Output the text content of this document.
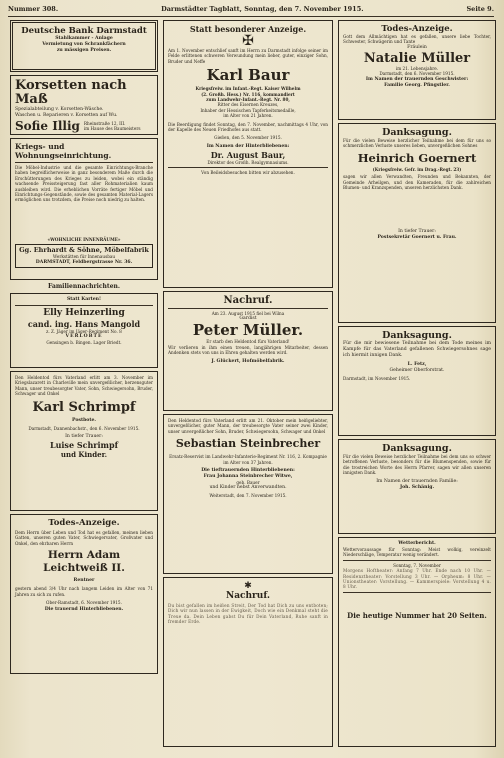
Nummer 308.	Darmstädter Tagblatt, Sonntag, den 7. November 1915.	Seite 9.
Deutsche Bank Darmstadt
Stahlkammer - Anlage
Vermietung von Schrankfächern
zu mässigen Preisen.
Korsetten nach Maß
Spezialabteilung v. Korsetten-Wäsche.
Waschen u. Reparieren v. Korsetten auf Wu.
Sofie Illig Rheinstraße 12, III.
im Hause des Baumeisters
Kriegs- und Wohnungseinrichtung.
Die Möbel-Industrie und die gesamte Einrichtungs-Branche haben begreiflicherweise in ganz besonderem Maße durch die Erschütterungen des Krieges zu leiden, wobei ein ständig wachsende Preissteigerung fast aller Rohmaterialien kaum ausbleiben wird. Die erheblichen Vorräte fertiger Möbel und Einrichtungs-Gegenstände, sowie des gesamten Material-Lagers ermöglichen uns trotzdem, die Preise noch niedrig zu halten.
«WOHNLICHE INNENRÄUME»
Gg. Ehrhardt & Söhne, Möbelfabrik
Werkstätten für Innenausbau
DARMSTADT, Feldbergstrasse Nr. 36.
Familiennachrichten.
Statt Karten!
Elly Heinzerling
cand. ing. Hans Mangold
z. Z. Jäger im Jäger-Regiment No. 8
VERLOBTE
Gensingen b. Bingen. Lager Briedt.
Den Heldentod fürs Vaterland erlitt am 3. November im Kriegslazarett in Charleville mein unvergeßlicher, herzensguter Mann, unser treubesorgter Vater, Sohn, Schwiegersohn, Bruder, Schwager und Onkel
Karl Schrimpf
Postbote.
Darmstadt, Dannenbachstr., den 6. November 1915.
In tiefer Trauer:
Luise Schrimpf
und Kinder.
Todes-Anzeige.
Dem Herrn über Leben und Tod hat es gefallen, meinen lieben Gatten, unseren guten Vater, Schwiegervater, Großvater und Onkel, den ehrbaren Herrn
Herrn Adam Leichtweiß II.
Rentner
gestern abend 3/4 Uhr nach langem Leiden im Alter von 71 Jahren zu sich zu rufen.
Ober-Ramstadt, 6. November 1915.
Die trauernd Hinterbliebenen.
Statt besonderer Anzeige.
✠
Am 1. November entschlief sanft im Herrn zu Darmstadt infolge seiner im Felde erlittenen schweren Verwundung mein lieber, guter, einziger Sohn, Bruder und Neffe
Karl Baur
Kriegsfreiw. im Infant.-Regt. Kaiser Wilhelm
(2. Großh. Hess.) Nr. 116, kommandiert
zum Landwehr-Infant.-Regt. Nr. 80,
Ritter des Eisernen Kreuzes,
Inhaber der Hessischen Tapferkeitsmedaille,
im Alter von 21 Jahren.
Die Beerdigung findet Sonntag, den 7. November, nachmittags 4 Uhr, von der Kapelle des Neuen Friedhofes aus statt.
Gießen, den 5. November 1915.
Im Namen der Hinterbliebenen:
Dr. August Baur,
Direktor des Großh. Realgymnasiums.
Von Beileidsbesuchen bitten wir abzusehen.
Nachruf.
Am 23. August 1915 fiel bei Wilna
Gardist
Peter Müller.
Er starb den Heldentod fürs Vaterland!
Wir verlieren in ihm einen treuen, langjährigen Mitarbeiter, dessen Andenken stets von uns in Ehren gehalten werden wird.
J. Glückert, Hofmöbelfabrik.
Den Heldentod fürs Vaterland erlitt am 21. Oktober mein heißgeliebter, unvergeßlicher, guter Mann, der treubesorgte Vater seiner zwei Kinder, unser unvergeßlicher Sohn, Bruder, Schwiegersohn, Schwager und Onkel
Sebastian Steinbrecher
Ersatz-Reservist im Landwehr-Infanterie-Regiment Nr. 116, 2. Kompagnie
im Alter von 37 Jahren.
Die tieftrauernden Hinterbliebenen:
Frau Johanna Steinbrecher Witwe,
geb. Bauer
und Kinder nebst Anverwandten.
Weiterstadt, den 7. November 1915.
✱
Nachruf.
Du bist gefallen im heißen Streit, Der Tod hat Dich zu uns entboten; Dich wir nun lassen in der Ewigkeit, Doch wie ein Denkmal steht die Treue da. Dein Leben gabst Du für Dein Vaterland, Ruhe sanft in fremder Erde.
Todes-Anzeige.
Gott dem Allmächtigen hat es gefallen, unsere liebe Tochter, Schwester, Schwägerin und Tante
Fräulein
Natalie Müller
im 21. Lebensjahre.
Darmstadt, den 6. November 1915.
Im Namen der trauernden Geschwister:
Familie Georg. Pfingstler.
Danksagung.
Für die vielen Beweise herzlicher Teilnahme bei dem für uns so schmerzlichen Verluste unseres lieben, unvergeßlichen Sohnes
Heinrich Goernert
(Kriegsfreiw. Gefr. im Drag.-Regt. 23)
sagen wir allen Verwandten, Freunden und Bekannten, der Gemeinde Arheilgen, und den Kameraden, für die zahlreichen Blumen- und Kranzspenden, unseren herzlichsten Dank.
In tiefer Trauer:
Postsekretär Goernert u. Frau.
Danksagung.
Für die mir bewiesene Teilnahme bei dem Tode meines im Kampfe für das Vaterland gefallenen Schwiegersohnes sage ich hiermit innigen Dank.
L. Fetz,
Geheimer Oberforstrat.
Darmstadt, im November 1915.
Danksagung.
Für die vielen Beweise herzlicher Teilnahme bei dem uns so schwer betroffenen Verluste, besonders für die Blumenspenden, sowie für die trostreichen Worte des Herrn Pfarrer, sagen wir allen unseren innigsten Dank.
Im Namen der trauernden Familie:
Joh. Schänig.
Wetterbericht.
Wettervoraussage für Sonntag: Meist wolkig, vereinzelt Niederschläge, Temperatur wenig verändert.
Sonntag, 7. November
Morgens Hoftheater: Anfang 7 Uhr. Ende nach 10 Uhr. — Residenztheater: Vorstellung 3 Uhr. — Orpheum: 8 Uhr. — Unionstheater: Vorstellung. — Kammerspiele: Vorstellung 4 u. 8 Uhr.
Die heutige Nummer hat 20 Seiten.
